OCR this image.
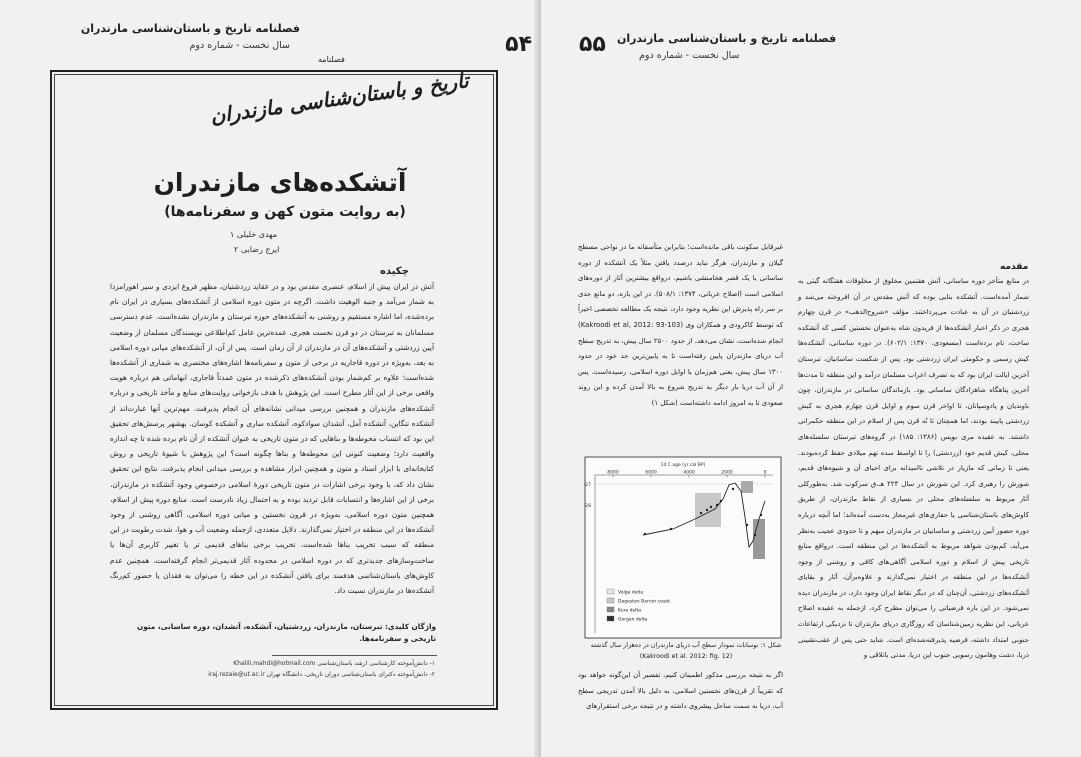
فصلنامه تاریخ و باستان‌شناسی مازندران
سال نخست - شماره دوم	۵۴
فصلنامه
تاریخ و باستان‌شناسی مازندران
آتشکده‌های مازندران
(به روایت متون کهن و سفرنامه‌ها)
مهدی خلیلی ۱
ایرج رضایی ۲
چکیده
آتش در ایران پیش از اسلام، عنصری مقدس بود و در عقاید زردشتیان، مظهر فروغ ایزدی و سپر اهورامزدا به شمار می‌آمد و جنبه الوهیت داشت. اگرچه در متون دوره اسلامی از آتشکده‌های بسیاری در ایران نام برده‌شده، اما اشاره مستقیم و روشنی به آتشکده‌های حوزه تبرستان و مازندران نشده‌است. عدم دسترسی مسلمانان به تبرستان در دو قرن نخست هجری، عمده‌ترین عامل کم‌اطلاعی نویسندگان مسلمان از وضعیت آیین زردشتی و آتشکده‌های آن در مازندران از آن زمان است. پس از آن، از آتشکده‌های میانی دوره اسلامی به بعد، به‌ویژه در دوره قاجاریه در برخی از متون و سفرنامه‌ها اشاره‌های مختصری به شماری از آتشکده‌ها شده‌است؛ علاوه بر کم‌شمار بودن آتشکده‌های ذکرشده در متون عمدتاً قاجاری، ابهاماتی هم درباره هویت واقعی برخی از این آثار مطرح است. این پژوهش با هدف بازخوانی روایت‌های منابع و مآخذ تاریخی و درباره آتشکده‌های مازندران و همچنین بررسی میدانی نشانه‌های آن انجام پذیرفت. مهم‌ترین آنها عبارت‌اند از آتشکده تنگاین، آتشکده آمل، آتشدان سوادکوه، آتشکده ساری و آتشکده کوسان. بهشهر پرسش‌های تحقیق این بود که انتساب محوطه‌ها و بناهایی که در متون تاریخی به عنوان آتشکده از آن نام برده شده تا چه اندازه واقعیت دارد؛ وضعیت کنونی این محوطه‌ها و بناها چگونه است؟ این پژوهش با شیوهٔ تاریخی و روش کتابخانه‌ای با ابزار اسناد و متون و همچنین ابزار مشاهده و بررسی میدانی انجام پذیرفت. نتایج این تحقیق نشان داد که، با وجود برخی اشارات در متون تاریخی دورهٔ اسلامی درخصوص وجود آتشکده در مازندران، برخی از این اشاره‌ها و انتسابات قابل تردید بوده و به احتمال زیاد نادرست است. منابع دوره پیش از اسلام، همچنین متون دوره اسلامی، به‌ویژه در قرون نخستین و میانی دوره اسلامی، آگاهی روشنی از وجود آتشکده‌ها در این منطقه در اختیار نمی‌گذارند. دلایل متعددی، ازجمله وضعیت آب و هوا، شدت رطوبت در این منطقه که سبب تخریب بناها شده‌است، تخریب برخی بناهای قدیمی تر یا تغییر کاربری آن‌ها یا ساخت‌وسازهای جدیدتری که در دوره اسلامی در محدوده آثار قدیمی‌تر انجام گرفته‌است، همچنین عدم کاوش‌های باستان‌شناسی هدفمند برای یافتن آتشکده در این خطه را می‌توان به فقدان یا حضور کم‌رنگ آتشکده‌ها در مازندران نسبت داد.
واژگان کلیدی: تبرستان، مازندران، زردشتیان، آتشکده، آتشدان، دوره ساسانی، متون تاریخی و سفرنامه‌ها.
۱- دانش‌آموخته کارشناسی ارشد باستان‌شناسی Khalili.mahdi@hotmail.com
۲- دانش‌آموخته دکترای باستان‌شناسی دوران تاریخی، دانشگاه تهران iraj.rezaie@ut.ac.ir
۵۵ فصلنامه تاریخ و باستان‌شناسی مازندران
سال نخست - شماره دوم
مقدمه
در منابع متأخر دوره ساسانی، آتش هفتمین مخلوق از مخلوقات هفتگانه گیتی به شمار آمده‌است. آتشکده بنایی بوده که آتش مقدس در آن افروخته می‌شد و زردشتیان در آن به عبادت می‌پرداختند. مؤلف «شروح‌الذهب» در قرن چهارم هجری در ذکر اخبار آتشکده‌ها از فریدون شاه به‌عنوان نخستین کسی که آتشکده ساخت، نام برده‌است (مسعودی، ۱۳۷۰: ۶۰۲/۱). در دوره ساسانی، آتشکده‌ها کیش رسمی و حکومتی ایران زردشتی بود. پس از شکست ساسانیان، تبرستان آخرین ایالت ایران بود که به تصرف اعراب مسلمان درآمد و این منطقه تا مدت‌ها آخرین پناهگاه شاهزادگان ساسانی بود. بازماندگان ساسانی در مازندران، چون باوندیان و پادوسپانان، تا اواخر قرن سوم و اوایل قرن چهارم هجری به کیش زردشتی پایبند بودند، اما همچنان تا نُه قرن پس از اسلام در این منطقه حکمرانی داشتند. به عقیده مری بویس (۱۳۸۶: ۱۸۵) در گروه‌های تبرستان سلسله‌های محلی، کیش قدیم خود (زردشتی) را تا اواسط سده نهم میلادی حفظ کرده‌بودند. یعنی تا زمانی که مازیار در تلاشی ناامیدانه برای احیای آن و شیوه‌های قدیم، شورش را رهبری کرد. این شورش در سال ۲۲۴ هـ.ق سرکوب شد. به‌طورکلی آثار مربوط به سلسله‌های محلی در بسیاری از نقاط مازندران، از طریق کاوش‌های باستان‌شناسی یا حفاری‌های غیرمجاز به‌دست آمده‌اند؛ اما آنچه درباره دوره حضور آیین زردشتی و ساسانیان در مازندران مبهم و تا حدودی عجیب به‌نظر می‌آید، کم‌بودن شواهد مربوط به آتشکده‌ها در این منطقه است. درواقع منابع تاریخی پیش از اسلام و دوره اسلامی آگاهی‌های کافی و روشنی از وجود آتشکده‌ها در این منطقه در اختیار نمی‌گذارند و علاوه‌برآن، آثار و بقایای آتشکده‌های زردشتی، آن‌چنان که در دیگر نقاط ایران وجود دارد، در مازندران دیده نمی‌شود. در این باره فرضیاتی را می‌توان مطرح کرد، ازجمله به عقیده اصلاح عربانی، این نظریه زمین‌شناسان که روزگاری دریای مازندران تا نزدیکی ارتفاعات جنوبی امتداد داشته، فرضیه پذیرفته‌شده‌ای است. شاید حتی پس از عقب‌نشینی دریا، دشت وهامون رسوبی جنوب این دریا، مدتی باتلاقی و
غیرقابل سکونت باقی مانده‌است؛ بنابراین متأسفانه ما در نواحی مسطح گیلان و مازندران، هرگز نباید درصدد یافتن مثلاً یک آتشکده از دوره ساسانی یا یک قصر هخامنشی باشیم. درواقع بیشترین آثار از دوره‌های اسلامی است (اصلاح عربانی، ۱۳۷۴: ۵۰۸/۱). در این باره، دو مانع جدی بر سر راه پذیرش این نظریه وجود دارد، نتیجه یک مطالعه تخصصی اخیراً که توسط کاکرودی و همکاران وی (Kakroodi et al, 2012: 93-103) انجام شده‌است، نشان می‌دهد، از حدود ۲۵۰۰ سال پیش، به تدریج سطح آب دریای مازندران پایین رفته‌است تا به پایین‌ترین حد خود در حدود ۱۳۰۰ سال پیش، یعنی هم‌زمان با اوایل دوره اسلامی، رسیده‌است. پس از آن آب دریا بار دیگر به تدریج شروع به بالا آمدن کرده و این روند صعودی تا به امروز ادامه داشته‌است (شکل ۱)
14 C age (yr cal BP)
8000	6000	4000	2000	0
-27
-28
Volga delta
Dagestan Barrier coast
Kura delta
Gorgan delta
شکل ۱: نوسانات نمودار سطح آب دریای مازندران در ده‌هزار سال گذشته (Kakroodi et al. 2012: fig. 12)
اگر به نتیجه بررسی مذکور اطمینان کنیم، تفسیر آن این‌گونه خواهد بود که تقریباً از قرن‌های نخستین اسلامی، به دلیل بالا آمدن تدریجی سطح آب، دریا به سمت ساحل پیشروی داشته و در نتیجه برخی استقرارهای
